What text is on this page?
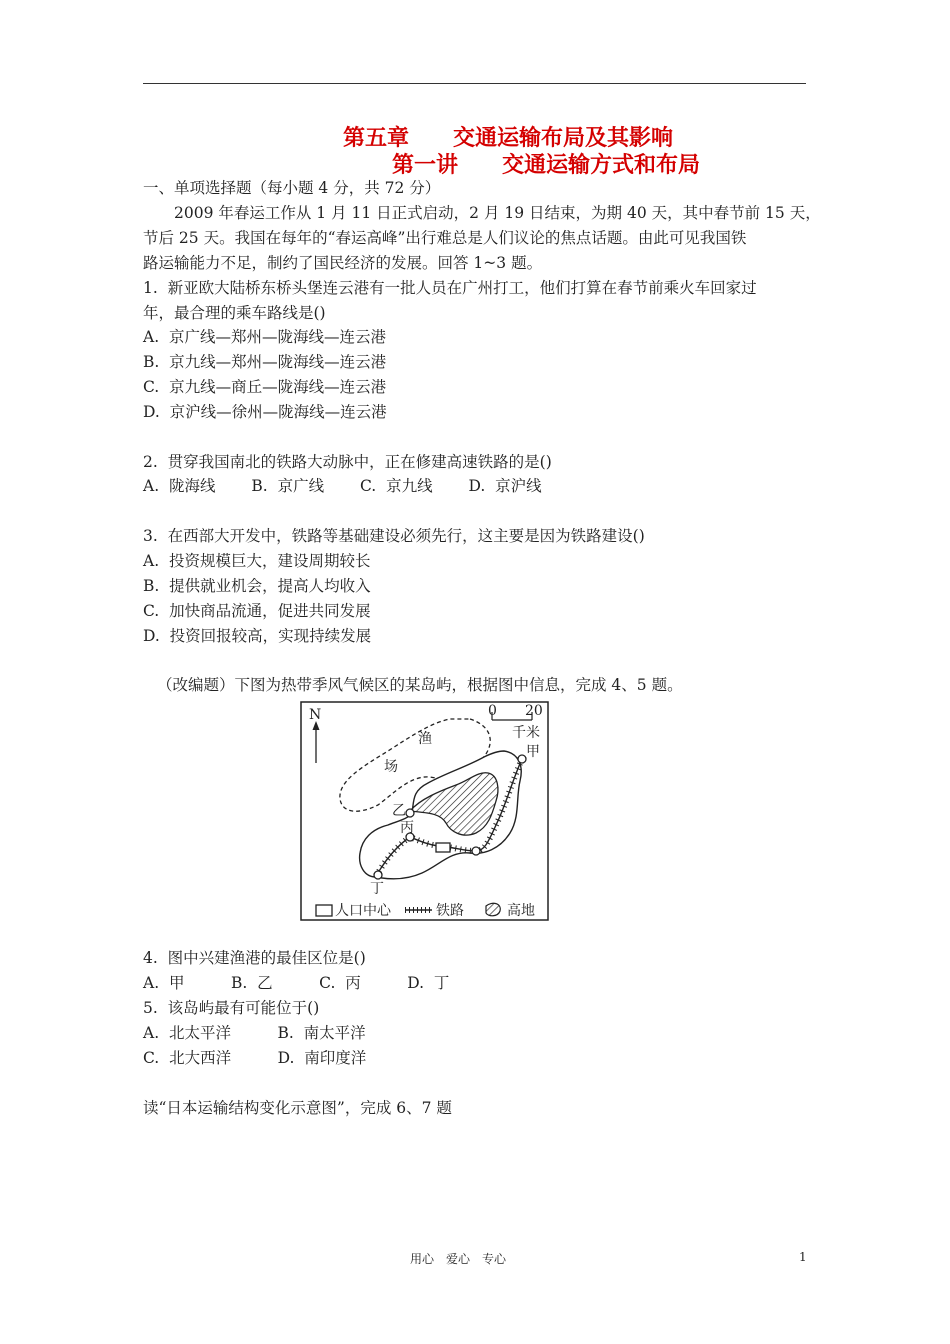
第五章　　交通运输布局及其影响
第一讲　　交通运输方式和布局
一、单项选择题（每小题 4 分，共 72 分）
　　2009 年春运工作从 1 月 11 日正式启动，2 月 19 日结束，为期 40 天，其中春节前 15 天，
节后 25 天。我国在每年的“春运高峰”出行难总是人们议论的焦点话题。由此可见我国铁
路运输能力不足，制约了国民经济的发展。回答 1~3 题。
1.  新亚欧大陆桥东桥头堡连云港有一批人员在广州打工，他们打算在春节前乘火车回家过
年，最合理的乘车路线是()
A.  京广线—郑州—陇海线—连云港
B.  京九线—郑州—陇海线—连云港
C.  京九线—商丘—陇海线—连云港
D.  京沪线—徐州—陇海线—连云港
2.  贯穿我国南北的铁路大动脉中，正在修建高速铁路的是()
A.  陇海线　　 B.  京广线　　 C.  京九线　　 D.  京沪线
3.  在西部大开发中，铁路等基础建设必须先行，这主要是因为铁路建设()
A.  投资规模巨大，建设周期较长
B.  提供就业机会，提高人均收入
C.  加快商品流通，促进共同发展
D.  投资回报较高，实现持续发展
（改编题）下图为热带季风气候区的某岛屿，根据图中信息，完成 4、5 题。
N	0 20
千米
渔
场
甲
乙
丙
丁
人口中心	铁路	高地
4.  图中兴建渔港的最佳区位是()
A.  甲　　　B.  乙　　　C.  丙　　　D.  丁
5.  该岛屿最有可能位于()
A.  北太平洋　　　B.  南太平洋
C.  北大西洋　　　D.  南印度洋
读“日本运输结构变化示意图”，完成 6、7 题
用心　爱心　专心	1
